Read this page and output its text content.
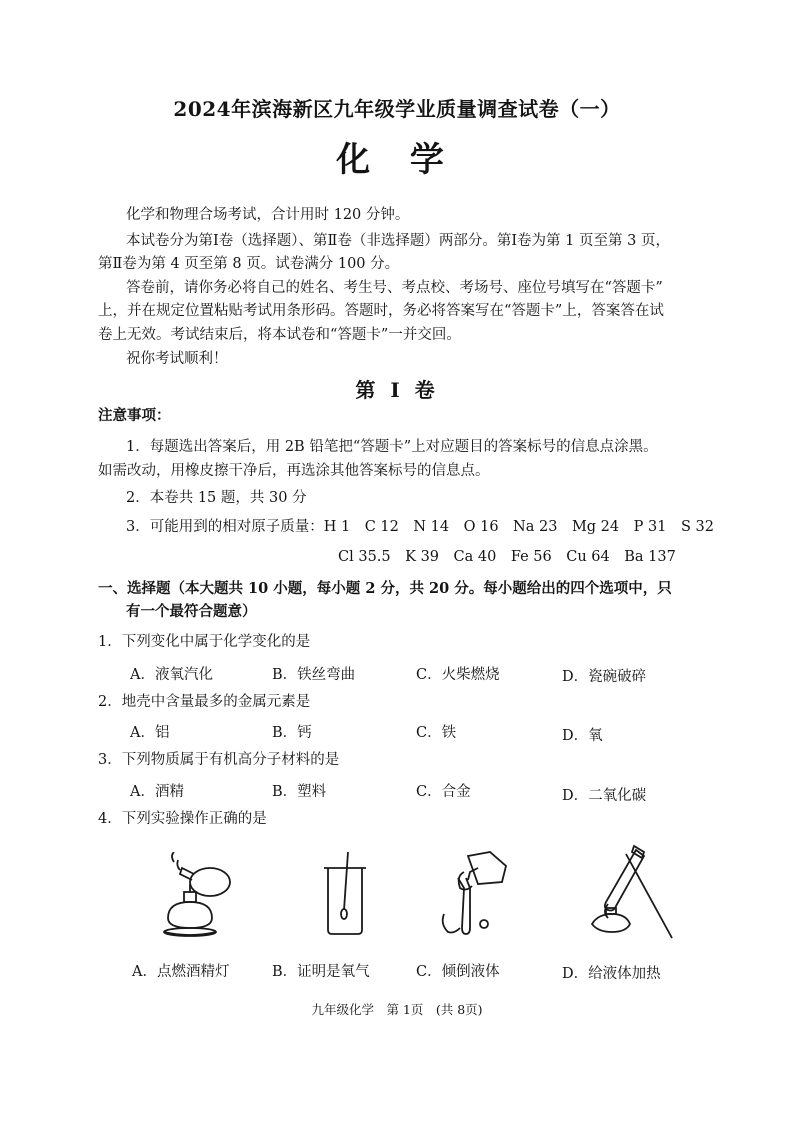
2024年滨海新区九年级学业质量调查试卷（一）
化 学
化学和物理合场考试，合计用时 120 分钟。
本试卷分为第Ⅰ卷（选择题）、第Ⅱ卷（非选择题）两部分。第Ⅰ卷为第 1 页至第 3 页，
第Ⅱ卷为第 4 页至第 8 页。试卷满分 100 分。
答卷前，请你务必将自己的姓名、考生号、考点校、考场号、座位号填写在“答题卡”
上，并在规定位置粘贴考试用条形码。答题时，务必将答案写在“答题卡”上，答案答在试
卷上无效。考试结束后，将本试卷和“答题卡”一并交回。
祝你考试顺利！
第 I 卷
注意事项：
1．每题选出答案后，用 2B 铅笔把“答题卡”上对应题目的答案标号的信息点涂黑。
如需改动，用橡皮擦干净后，再选涂其他答案标号的信息点。
2．本卷共 15 题，共 30 分
3．可能用到的相对原子质量：H 1　C 12　N 14　O 16　Na 23　Mg 24　P 31　S 32
Cl 35.5　K 39　Ca 40　Fe 56　Cu 64　Ba 137
一、选择题（本大题共 10 小题，每小题 2 分，共 20 分。每小题给出的四个选项中，只
有一个最符合题意）
1．下列变化中属于化学变化的是
A．液氧汽化	B．铁丝弯曲	C．火柴燃烧	D．瓷碗破碎
2．地壳中含量最多的金属元素是
A．铝	B．钙	C．铁	D．氧
3．下列物质属于有机高分子材料的是
A．酒精	B．塑料	C．合金	D．二氧化碳
4．下列实验操作正确的是
A．点燃酒精灯	B．证明是氧气	C．倾倒液体	D．给液体加热
九年级化学　第 1页　(共 8页)
